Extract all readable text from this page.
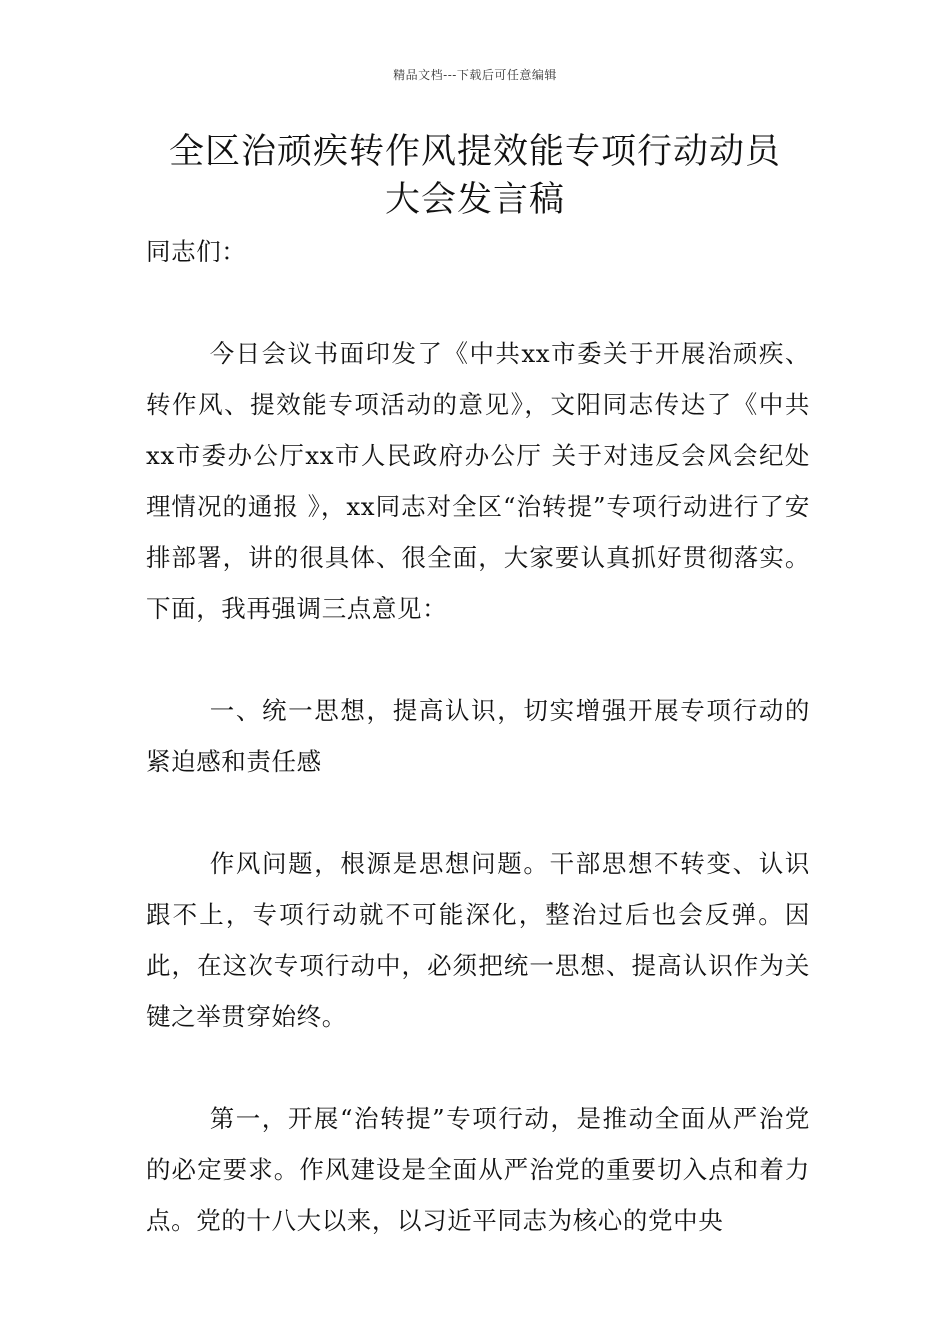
精品文档---下载后可任意编辑
全区治顽疾转作风提效能专项行动动员
大会发言稿

同志们：

今日会议书面印发了《中共xx市委关于开展治顽疾、转作风、提效能专项活动的意见》，文阳同志传达了《中共xx市委办公厅xx市人民政府办公厅 关于对违反会风会纪处理情况的通报 》，xx同志对全区“治转提”专项行动进行了安排部署，讲的很具体、很全面，大家要认真抓好贯彻落实。下面，我再强调三点意见：

一、统一思想，提高认识，切实增强开展专项行动的紧迫感和责任感

作风问题，根源是思想问题。干部思想不转变、认识跟不上，专项行动就不可能深化，整治过后也会反弹。因此，在这次专项行动中，必须把统一思想、提高认识作为关键之举贯穿始终。

第一，开展“治转提”专项行动，是推动全面从严治党的必定要求。作风建设是全面从严治党的重要切入点和着力点。党的十八大以来，以习近平同志为核心的党中央
